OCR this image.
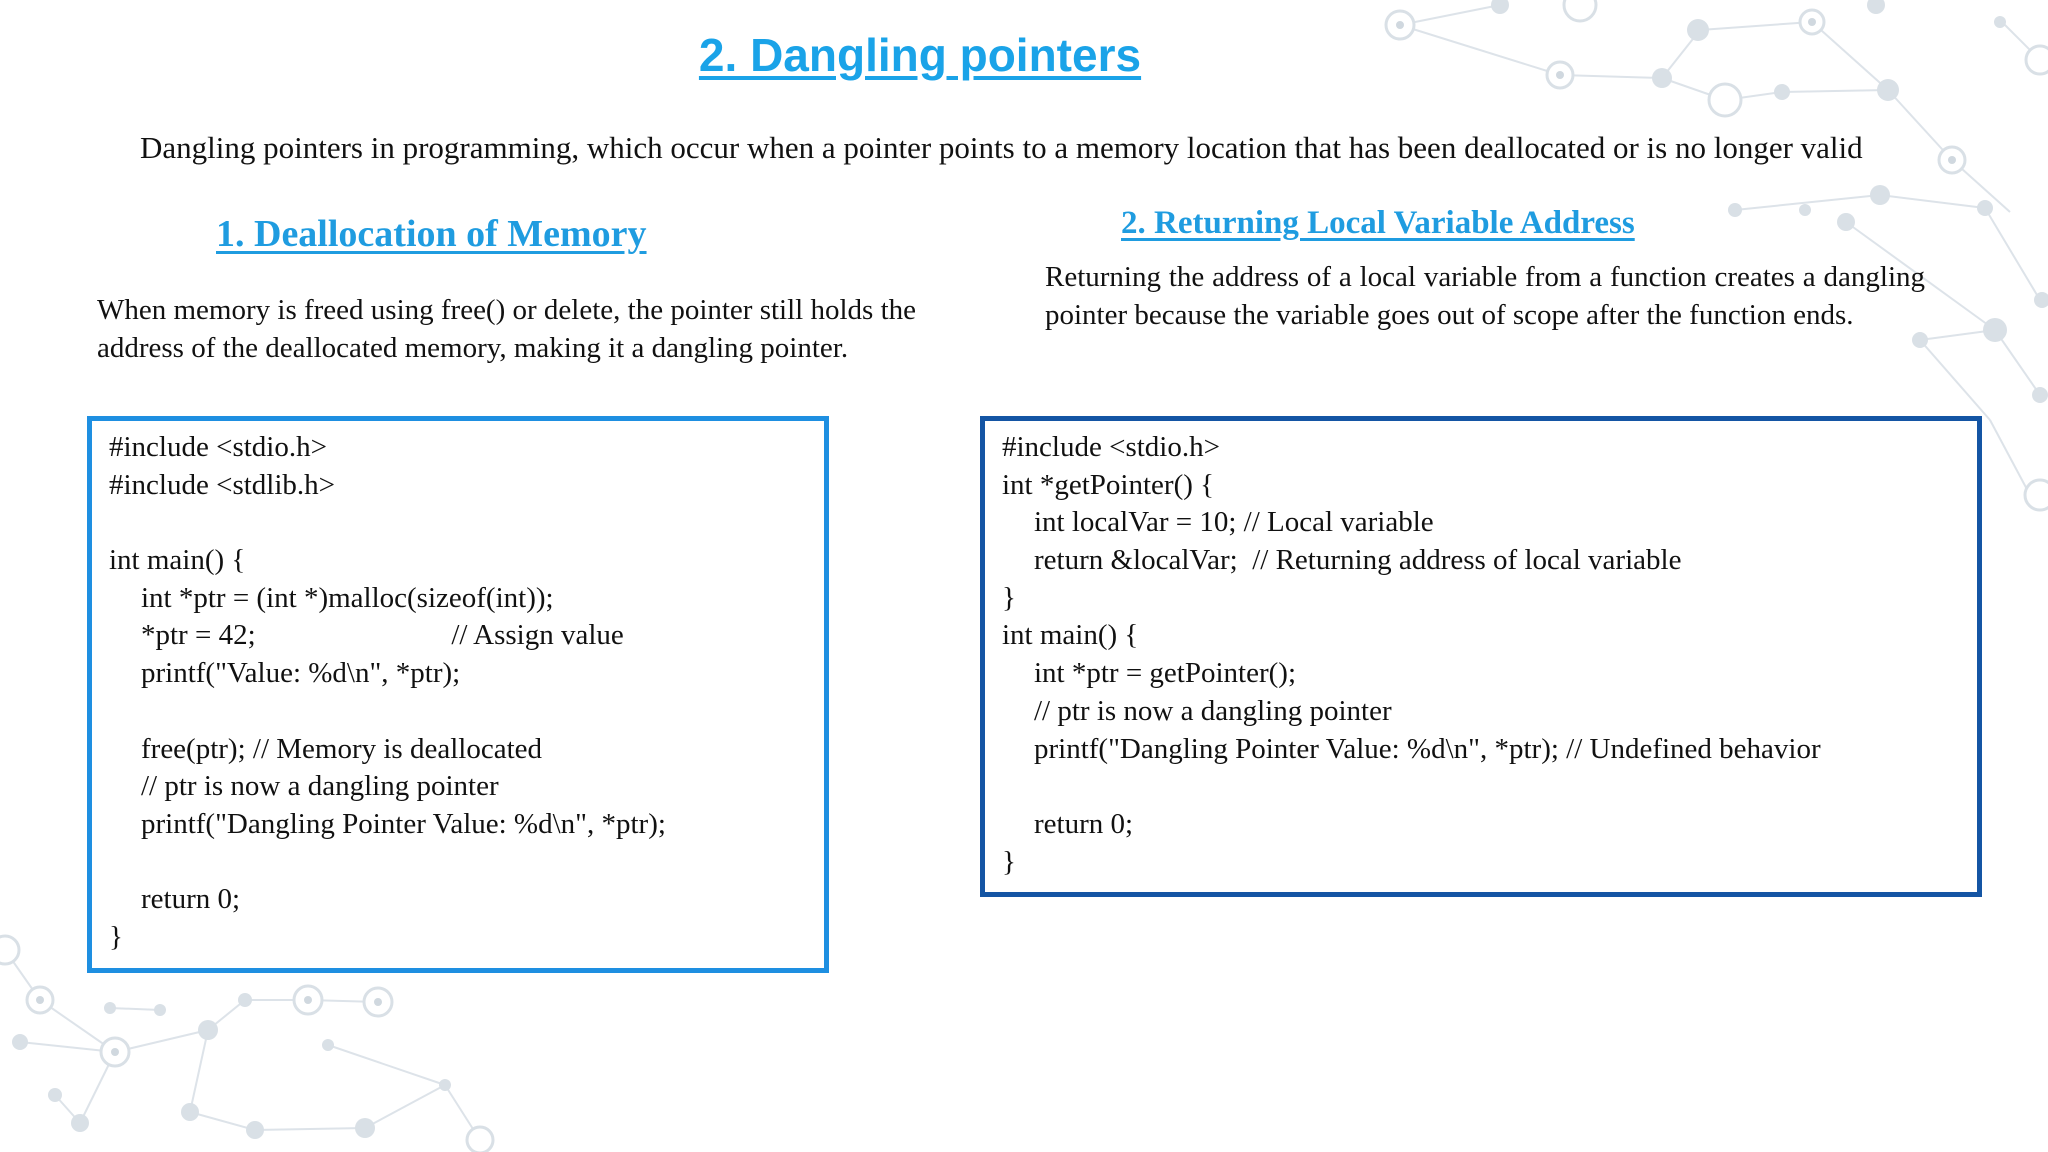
2. Dangling pointers

Dangling pointers in programming, which occur when a pointer points to a memory location that has been deallocated or is no longer valid

1. Deallocation of Memory

When memory is freed using free() or delete, the pointer still holds the address of the deallocated memory, making it a dangling pointer.

2. Returning Local Variable Address

Returning the address of a local variable from a function creates a dangling pointer because the variable goes out of scope after the function ends.

#include <stdio.h>
#include <stdlib.h>
int main() {
int *ptr = (int *)malloc(sizeof(int));
*ptr = 42;                           // Assign value
printf("Value: %d\n", *ptr);
free(ptr); // Memory is deallocated
// ptr is now a dangling pointer
printf("Dangling Pointer Value: %d\n", *ptr);
return 0;
}
#include <stdio.h>
int *getPointer() {
int localVar = 10; // Local variable
return &localVar;  // Returning address of local variable
}
int main() {
int *ptr = getPointer();
// ptr is now a dangling pointer
printf("Dangling Pointer Value: %d\n", *ptr); // Undefined behavior
return 0;
}
